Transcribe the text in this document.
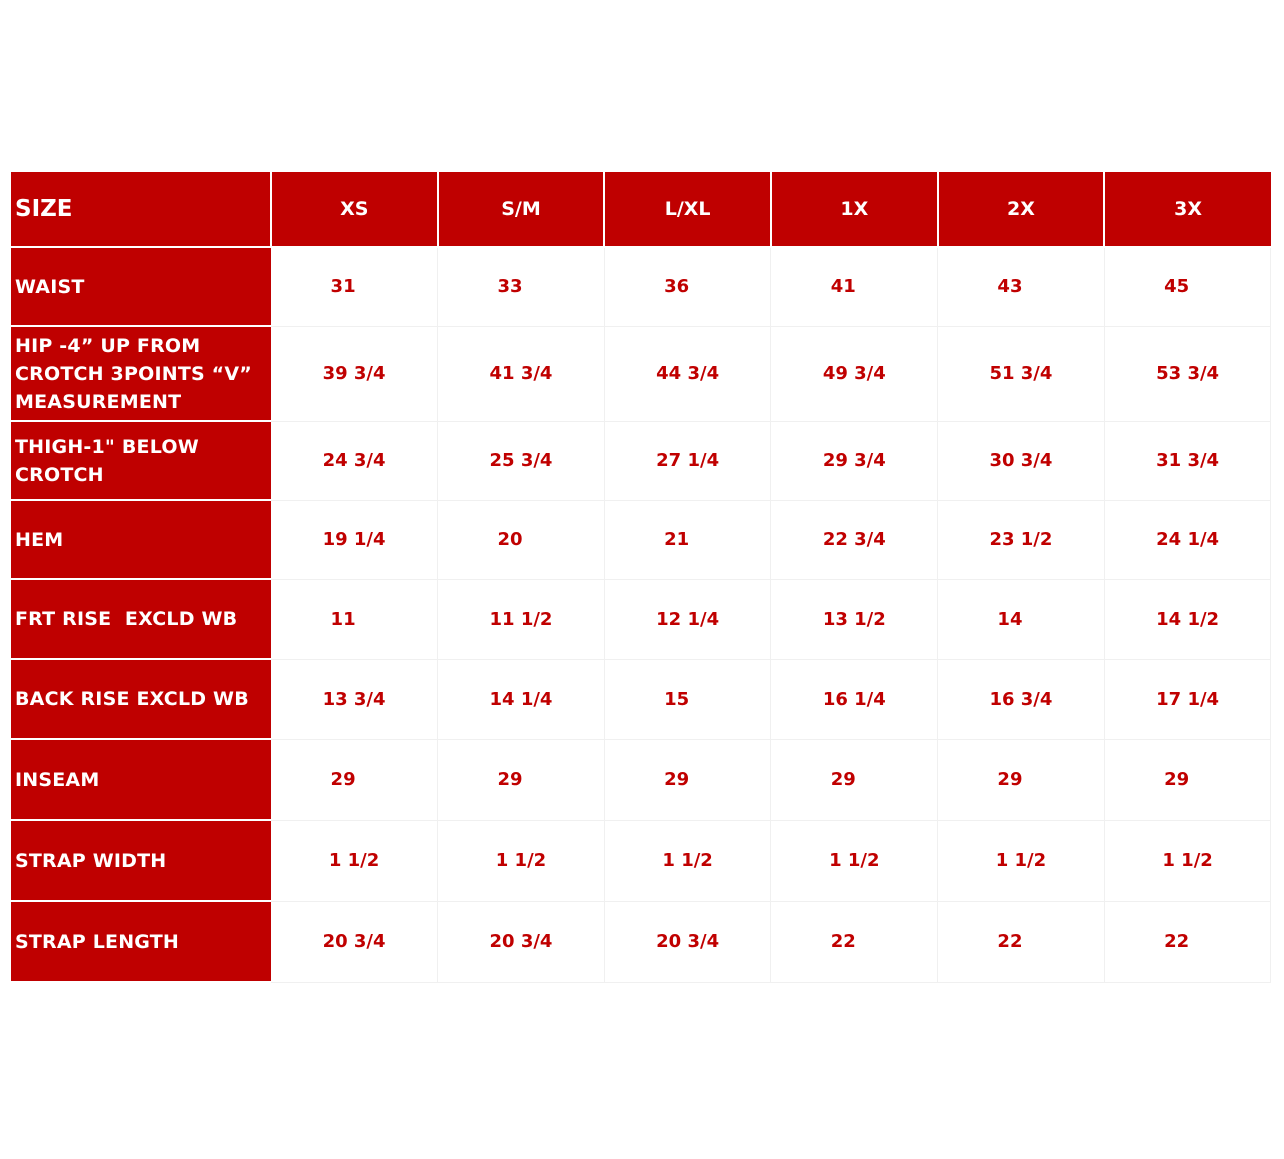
SIZE	XS	S/M	L/XL	1X	2X	3X
WAIST	31	33	36	41	43	45
HIP -4” UP FROM CROTCH 3POINTS “V” MEASUREMENT	39 3/4	41 3/4	44 3/4	49 3/4	51 3/4	53 3/4
THIGH-1" BELOW CROTCH	24 3/4	25 3/4	27 1/4	29 3/4	30 3/4	31 3/4
HEM	19 1/4	20	21	22 3/4	23 1/2	24 1/4
FRT RISE  EXCLD WB	11	11 1/2	12 1/4	13 1/2	14	14 1/2
BACK RISE EXCLD WB	13 3/4	14 1/4	15	16 1/4	16 3/4	17 1/4
INSEAM	29	29	29	29	29	29
STRAP WIDTH	1 1/2	1 1/2	1 1/2	1 1/2	1 1/2	1 1/2
STRAP LENGTH	20 3/4	20 3/4	20 3/4	22	22	22
